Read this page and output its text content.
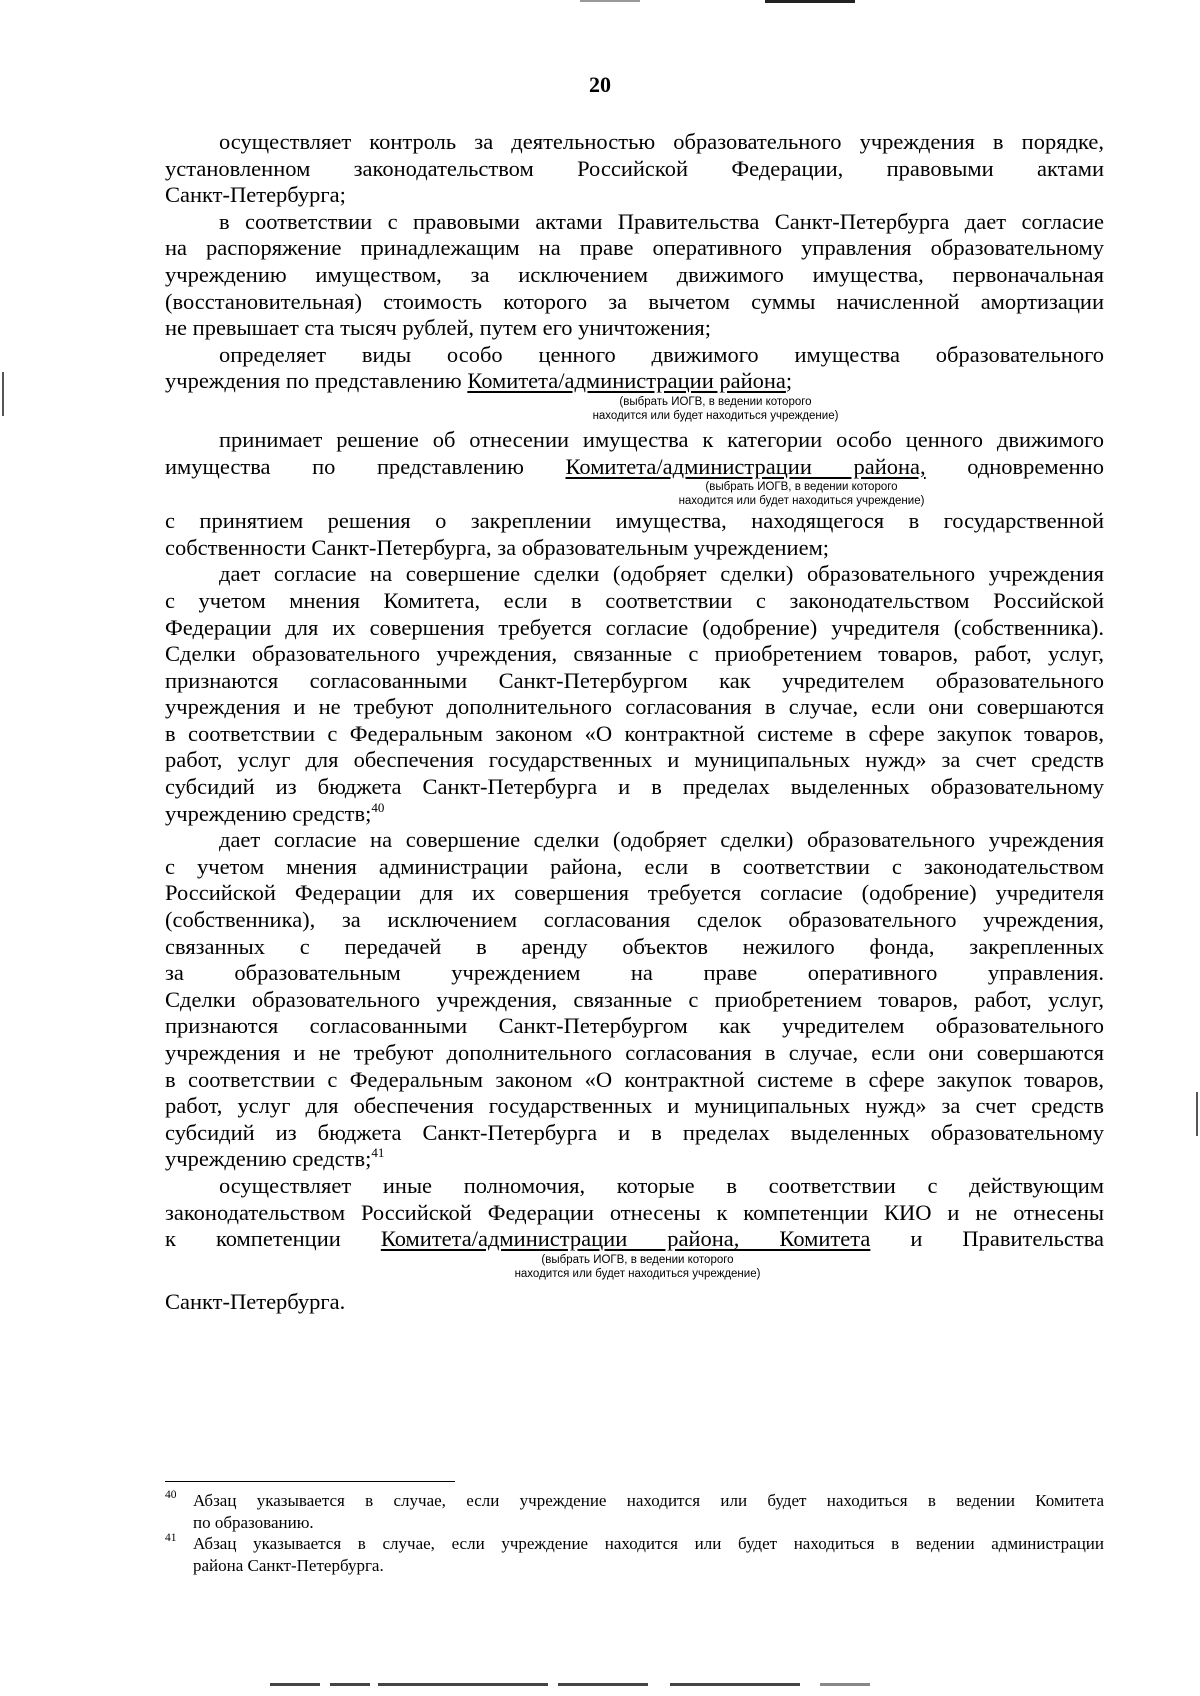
20
осуществляет контроль за деятельностью образовательного учреждения в порядке,
установленном законодательством Российской Федерации, правовыми актами
Санкт-Петербурга;
в соответствии с правовыми актами Правительства Санкт-Петербурга дает согласие
на распоряжение принадлежащим на праве оперативного управления образовательному
учреждению имуществом, за исключением движимого имущества, первоначальная
(восстановительная) стоимость которого за вычетом суммы начисленной амортизации
не превышает ста тысяч рублей, путем его уничтожения;
определяет виды особо ценного движимого имущества образовательного
учреждения по представлению Комитета/администрации района;
(выбрать ИОГВ, в ведении которого
находится или будет находиться учреждение)
принимает решение об отнесении имущества к категории особо ценного движимого
имущества по представлению Комитета/администрации района, одновременно
(выбрать ИОГВ, в ведении которого
находится или будет находиться учреждение)
с принятием решения о закреплении имущества, находящегося в государственной
собственности Санкт-Петербурга, за образовательным учреждением;
дает согласие на совершение сделки (одобряет сделки) образовательного учреждения
с учетом мнения Комитета, если в соответствии с законодательством Российской
Федерации для их совершения требуется согласие (одобрение) учредителя (собственника).
Сделки образовательного учреждения, связанные с приобретением товаров, работ, услуг,
признаются согласованными Санкт-Петербургом как учредителем образовательного
учреждения и не требуют дополнительного согласования в случае, если они совершаются
в соответствии с Федеральным законом «О контрактной системе в сфере закупок товаров,
работ, услуг для обеспечения государственных и муниципальных нужд» за счет средств
субсидий из бюджета Санкт-Петербурга и в пределах выделенных образовательному
учреждению средств;$^{40}$
дает согласие на совершение сделки (одобряет сделки) образовательного учреждения
с учетом мнения администрации района, если в соответствии с законодательством
Российской Федерации для их совершения требуется согласие (одобрение) учредителя
(собственника), за исключением согласования сделок образовательного учреждения,
связанных с передачей в аренду объектов нежилого фонда, закрепленных
за образовательным учреждением на праве оперативного управления.
Сделки образовательного учреждения, связанные с приобретением товаров, работ, услуг,
признаются согласованными Санкт-Петербургом как учредителем образовательного
учреждения и не требуют дополнительного согласования в случае, если они совершаются
в соответствии с Федеральным законом «О контрактной системе в сфере закупок товаров,
работ, услуг для обеспечения государственных и муниципальных нужд» за счет средств
субсидий из бюджета Санкт-Петербурга и в пределах выделенных образовательному
учреждению средств;$^{41}$
осуществляет иные полномочия, которые в соответствии с действующим
законодательством Российской Федерации отнесены к компетенции КИО и не отнесены
к компетенции Комитета/администрации района, Комитета и Правительства
(выбрать ИОГВ, в ведении которого
находится или будет находиться учреждение)
Санкт-Петербурга.
40 Абзац указывается в случае, если учреждение находится или будет находиться в ведении Комитета
по образованию.
41 Абзац указывается в случае, если учреждение находится или будет находиться в ведении администрации
района Санкт-Петербурга.
